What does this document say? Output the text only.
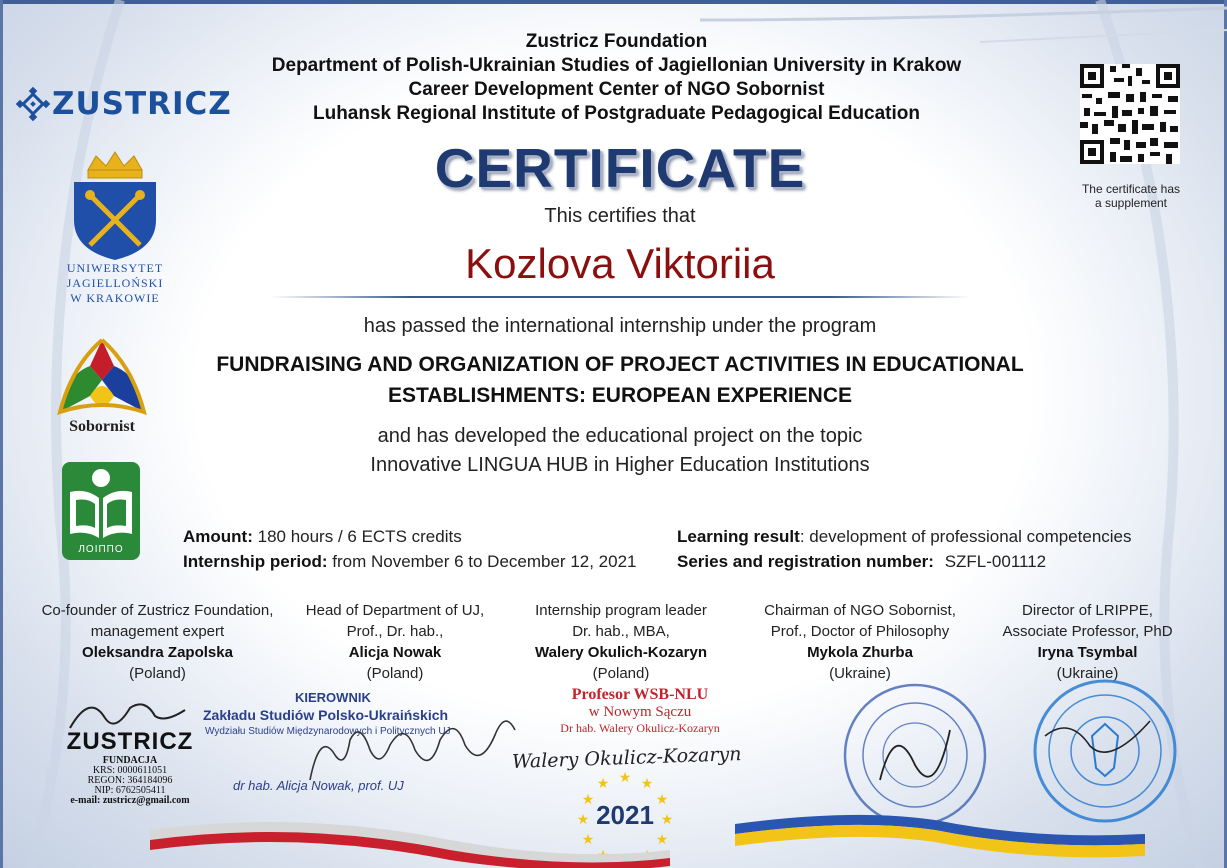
Zustricz Foundation
Department of Polish-Ukrainian Studies of Jagiellonian University in Krakow
Career Development Center of NGO Sobornist
Luhansk Regional Institute of Postgraduate Pedagogical Education
ZUSTRICZ
UNIWERSYTET
JAGIELLOŃSKI
W KRAKOWIE
Sobornist
ЛОІППО
The certificate has
a supplement
CERTIFICATE
This certifies that
Kozlova Viktoriia
has passed the international internship under the program
FUNDRAISING AND ORGANIZATION OF PROJECT ACTIVITIES IN EDUCATIONAL
ESTABLISHMENTS: EUROPEAN EXPERIENCE
and has developed the educational project on the topic
Innovative LINGUA HUB in Higher Education Institutions
Amount: 180 hours / 6 ECTS credits
Internship period: from November 6 to December 12, 2021
Learning result: development of professional competencies
Series and registration number: SZFL-001112
Co-founder of Zustricz Foundation,
management expert
Oleksandra Zapolska
(Poland)
Head of Department of UJ,
Prof., Dr. hab.,
Alicja Nowak
(Poland)
Internship program leader
Dr. hab., MBA,
Walery Okulich-Kozaryn
(Poland)
Chairman of NGO Sobornist,
Prof., Doctor of Philosophy
Mykola Zhurba
(Ukraine)
Director of LRIPPE,
Associate Professor, PhD
Iryna Tsymbal
(Ukraine)
ZUSTRICZ
FUNDACJA
KRS: 0000611051
REGON: 364184096
NIP: 6762505411
e-mail: zustricz@gmail.com
KIEROWNIK
Zakładu Studiów Polsko-Ukraińskich
Wydziału Studiów Międzynarodowych i Politycznych UJ
dr hab. Alicja Nowak, prof. UJ
Profesor WSB-NLU
w Nowym Sączu
Dr hab. Walery Okulicz-Kozaryn
Walery Okulicz-Kozaryn
★ ★
★
★
★
★
★
★
★
2021
